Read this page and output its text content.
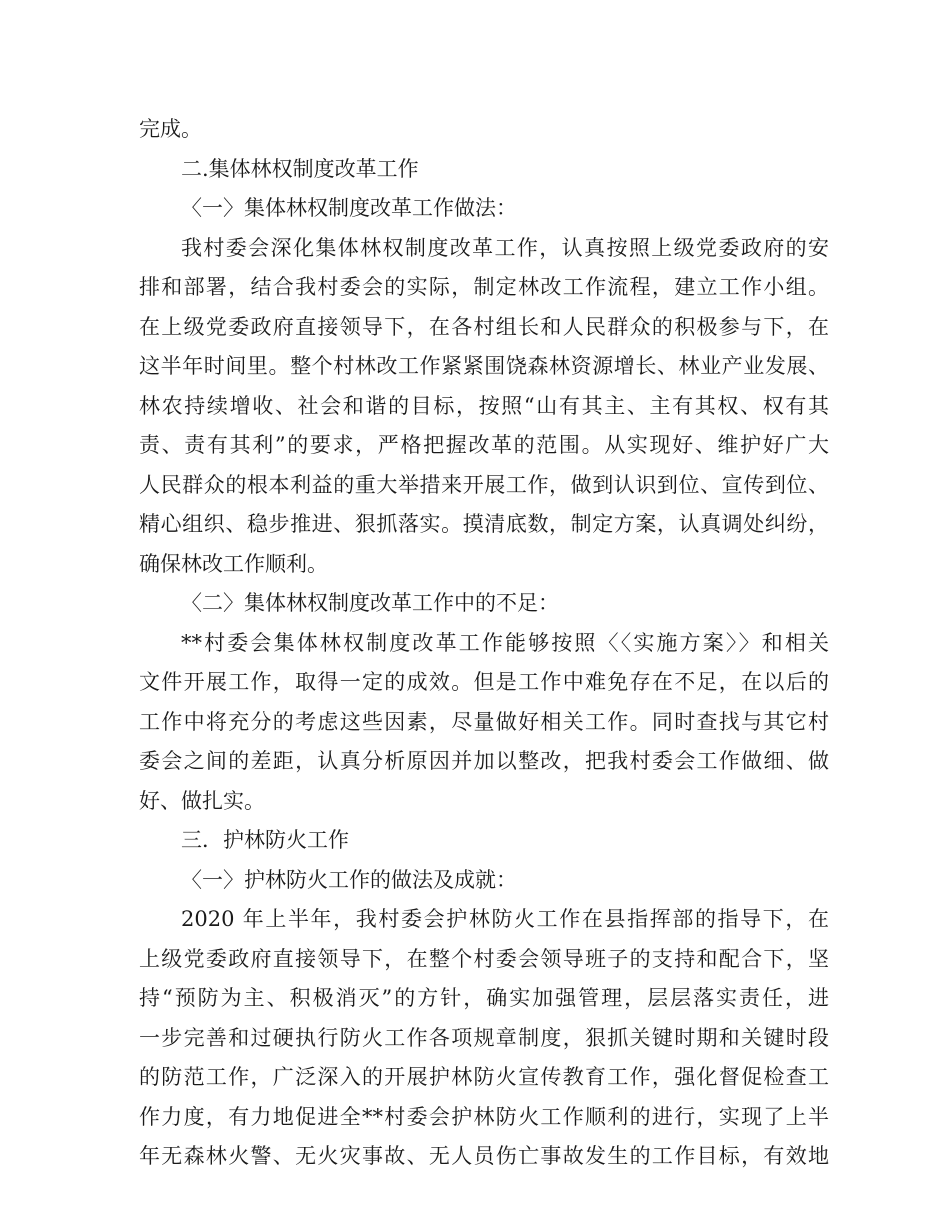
完成。
二.集体林权制度改革工作
〈一〉集体林权制度改革工作做法：
我村委会深化集体林权制度改革工作，认真按照上级党委政府的安
排和部署，结合我村委会的实际，制定林改工作流程，建立工作小组。
在上级党委政府直接领导下，在各村组长和人民群众的积极参与下，在
这半年时间里。整个村林改工作紧紧围饶森林资源增长、林业产业发展、
林农持续增收、社会和谐的目标，按照“山有其主、主有其权、权有其
责、责有其利”的要求，严格把握改革的范围。从实现好、维护好广大
人民群众的根本利益的重大举措来开展工作，做到认识到位、宣传到位、
精心组织、稳步推进、狠抓落实。摸清底数，制定方案，认真调处纠纷，
确保林改工作顺利。
〈二〉集体林权制度改革工作中的不足：
**村委会集体林权制度改革工作能够按照〈〈实施方案〉〉和相关
文件开展工作，取得一定的成效。但是工作中难免存在不足，在以后的
工作中将充分的考虑这些因素，尽量做好相关工作。同时查找与其它村
委会之间的差距，认真分析原因并加以整改，把我村委会工作做细、做
好、做扎实。
三．护林防火工作
〈一〉护林防火工作的做法及成就：
2020 年上半年，我村委会护林防火工作在县指挥部的指导下，在
上级党委政府直接领导下，在整个村委会领导班子的支持和配合下，坚
持“预防为主、积极消灭”的方针，确实加强管理，层层落实责任，进
一步完善和过硬执行防火工作各项规章制度，狠抓关键时期和关键时段
的防范工作，广泛深入的开展护林防火宣传教育工作，强化督促检查工
作力度，有力地促进全**村委会护林防火工作顺利的进行，实现了上半
年无森林火警、无火灾事故、无人员伤亡事故发生的工作目标，有效地
